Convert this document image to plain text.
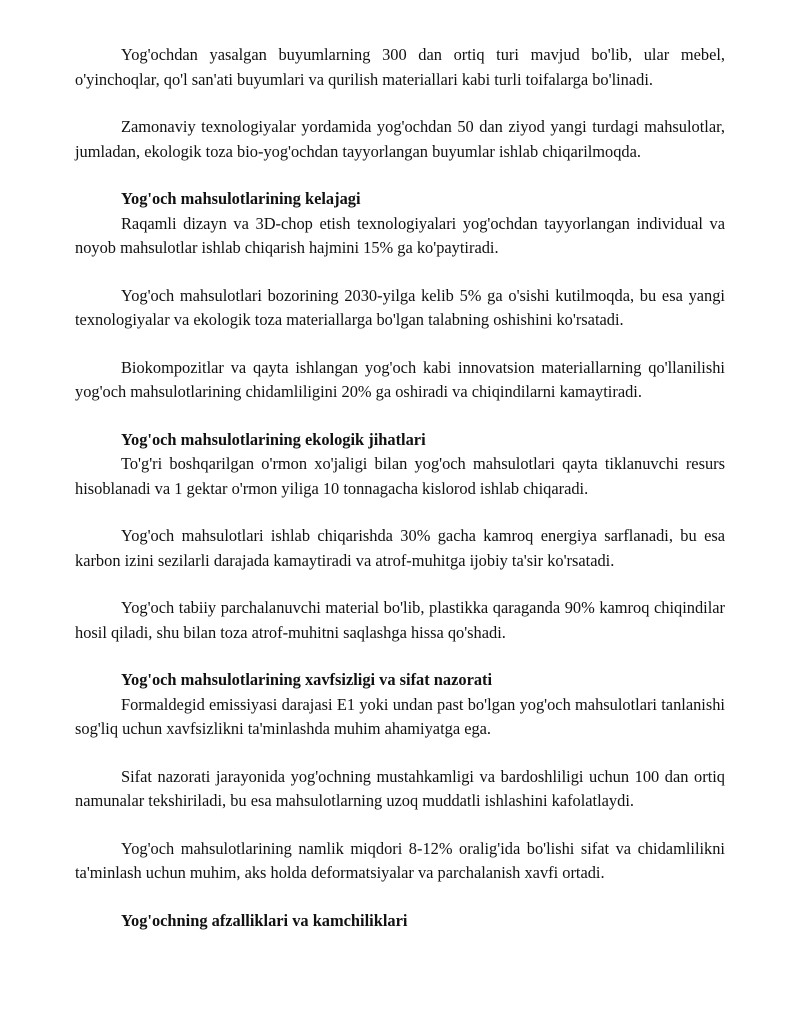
Yog'ochdan yasalgan buyumlarning 300 dan ortiq turi mavjud bo'lib, ular mebel, o'yinchoqlar, qo'l san'ati buyumlari va qurilish materiallari kabi turli toifalarga bo'linadi.

Zamonaviy texnologiyalar yordamida yog'ochdan 50 dan ziyod yangi turdagi mahsulotlar, jumladan, ekologik toza bio-yog'ochdan tayyorlangan buyumlar ishlab chiqarilmoqda.

Yog'och mahsulotlarining kelajagi

Raqamli dizayn va 3D-chop etish texnologiyalari yog'ochdan tayyorlangan individual va noyob mahsulotlar ishlab chiqarish hajmini 15% ga ko'paytiradi.

Yog'och mahsulotlari bozorining 2030-yilga kelib 5% ga o'sishi kutilmoqda, bu esa yangi texnologiyalar va ekologik toza materiallarga bo'lgan talabning oshishini ko'rsatadi.

Biokompozitlar va qayta ishlangan yog'och kabi innovatsion materiallarning qo'llanilishi yog'och mahsulotlarining chidamliligini 20% ga oshiradi va chiqindilarni kamaytiradi.

Yog'och mahsulotlarining ekologik jihatlari

To'g'ri boshqarilgan o'rmon xo'jaligi bilan yog'och mahsulotlari qayta tiklanuvchi resurs hisoblanadi va 1 gektar o'rmon yiliga 10 tonnagacha kislorod ishlab chiqaradi.

Yog'och mahsulotlari ishlab chiqarishda 30% gacha kamroq energiya sarflanadi, bu esa karbon izini sezilarli darajada kamaytiradi va atrof-muhitga ijobiy ta'sir ko'rsatadi.

Yog'och tabiiy parchalanuvchi material bo'lib, plastikka qaraganda 90% kamroq chiqindilar hosil qiladi, shu bilan toza atrof-muhitni saqlashga hissa qo'shadi.

Yog'och mahsulotlarining xavfsizligi va sifat nazorati

Formaldegid emissiyasi darajasi E1 yoki undan past bo'lgan yog'och mahsulotlari tanlanishi sog'liq uchun xavfsizlikni ta'minlashda muhim ahamiyatga ega.

Sifat nazorati jarayonida yog'ochning mustahkamligi va bardoshliligi uchun 100 dan ortiq namunalar tekshiriladi, bu esa mahsulotlarning uzoq muddatli ishlashini kafolatlaydi.

Yog'och mahsulotlarining namlik miqdori 8-12% oralig'ida bo'lishi sifat va chidamlilikni ta'minlash uchun muhim, aks holda deformatsiyalar va parchalanish xavfi ortadi.

Yog'ochning afzalliklari va kamchiliklari
